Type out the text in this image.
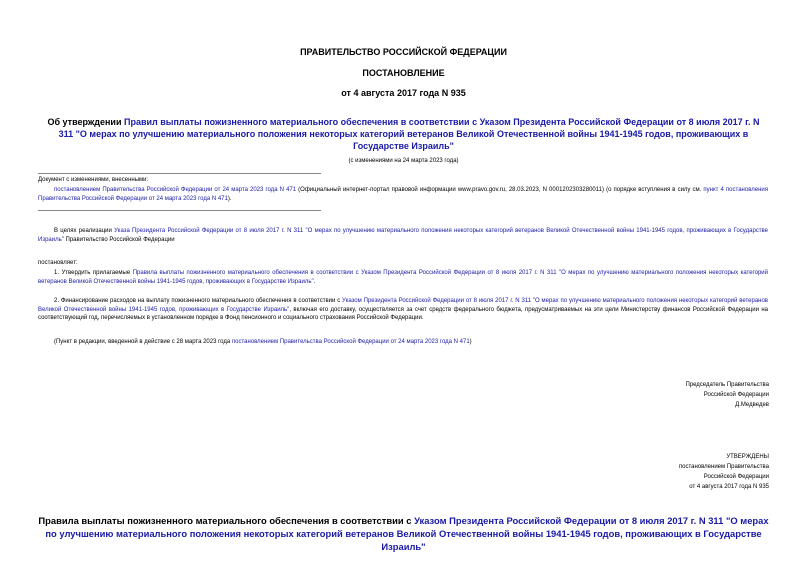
ПРАВИТЕЛЬСТВО РОССИЙСКОЙ ФЕДЕРАЦИИ
ПОСТАНОВЛЕНИЕ
от 4 августа 2017 года N 935
Об утверждении Правил выплаты пожизненного материального обеспечения в соответствии с Указом Президента Российской Федерации от 8 июля 2017 г. N 311 "О мерах по улучшению материального положения некоторых категорий ветеранов Великой Отечественной войны 1941-1945 годов, проживающих в Государстве Израиль"
(с изменениями на 24 марта 2023 года)
Документ с изменениями, внесенными:
постановлением Правительства Российской Федерации от 24 марта 2023 года N 471 (Официальный интернет-портал правовой информации www.pravo.gov.ru, 28.03.2023, N 0001202303280011) (о порядке вступления в силу см. пункт 4 постановления Правительства Российской Федерации от 24 марта 2023 года N 471).
В целях реализации Указа Президента Российской Федерации от 8 июля 2017 г. N 311 "О мерах по улучшению материального положения некоторых категорий ветеранов Великой Отечественной войны 1941-1945 годов, проживающих в Государстве Израиль" Правительство Российской Федерации
постановляет:
1. Утвердить прилагаемые Правила выплаты пожизненного материального обеспечения в соответствии с Указом Президента Российской Федерации от 8 июля 2017 г. N 311 "О мерах по улучшению материального положения некоторых категорий ветеранов Великой Отечественной войны 1941-1945 годов, проживающих в Государстве Израиль".
2. Финансирование расходов на выплату пожизненного материального обеспечения в соответствии с Указом Президента Российской Федерации от 8 июля 2017 г. N 311 "О мерах по улучшению материального положения некоторых категорий ветеранов Великой Отечественной войны 1941-1945 годов, проживающих в Государстве Израиль", включая его доставку, осуществляется за счет средств федерального бюджета, предусматриваемых на эти цели Министерству финансов Российской Федерации на соответствующий год, перечисляемых в установленном порядке в Фонд пенсионного и социального страхования Российской Федерации.
(Пункт в редакции, введенной в действие с 28 марта 2023 года постановлением Правительства Российской Федерации от 24 марта 2023 года N 471)
Председатель Правительства
Российской Федерации
Д.Медведев
УТВЕРЖДЕНЫ
постановлением Правительства
Российской Федерации
от 4 августа 2017 года N 935
Правила выплаты пожизненного материального обеспечения в соответствии с Указом Президента Российской Федерации от 8 июля 2017 г. N 311 "О мерах по улучшению материального положения некоторых категорий ветеранов Великой Отечественной войны 1941-1945 годов, проживающих в Государстве Израиль"
